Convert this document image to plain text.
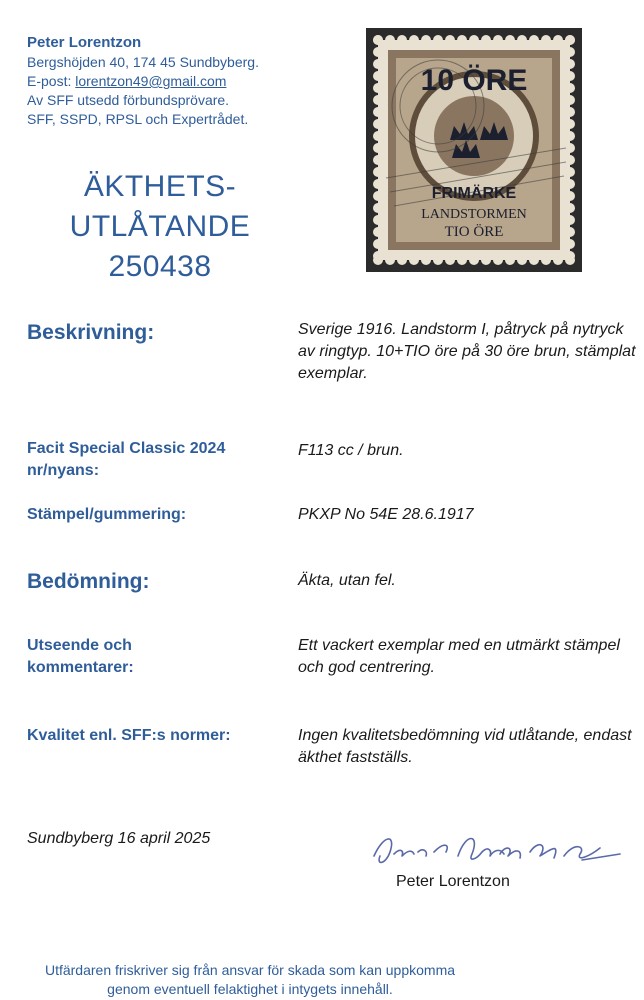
Peter Lorentzon
Bergshöjden 40, 174 45 Sundbyberg.
E-post: lorentzon49@gmail.com
Av SFF utsedd förbundsprövare.
SFF, SSPD, RPSL och Expertrådet.
ÄKTHETS-
UTLÅTANDE
250438
10 ÖRE
FRIMÄRKE
LANDSTORMEN
TIO ÖRE
Beskrivning:	Sverige 1916. Landstorm I, påtryck på nytryck av ringtyp. 10+TIO öre på 30 öre brun, stämplat exemplar.
Facit Special Classic 2024 nr/nyans:
F113 cc / brun.
Stämpel/gummering:	PKXP No 54E 28.6.1917
Bedömning:	Äkta, utan fel.
Utseende och kommentarer:
Ett vackert exemplar med en utmärkt stämpel och god centrering.
Kvalitet enl. SFF:s normer:	Ingen kvalitetsbedömning vid utlåtande, endast äkthet fastställs.
Sundbyberg 16 april 2025
Peter Lorentzon
Utfärdaren friskriver sig från ansvar för skada som kan uppkomma
genom eventuell felaktighet i intygets innehåll.
